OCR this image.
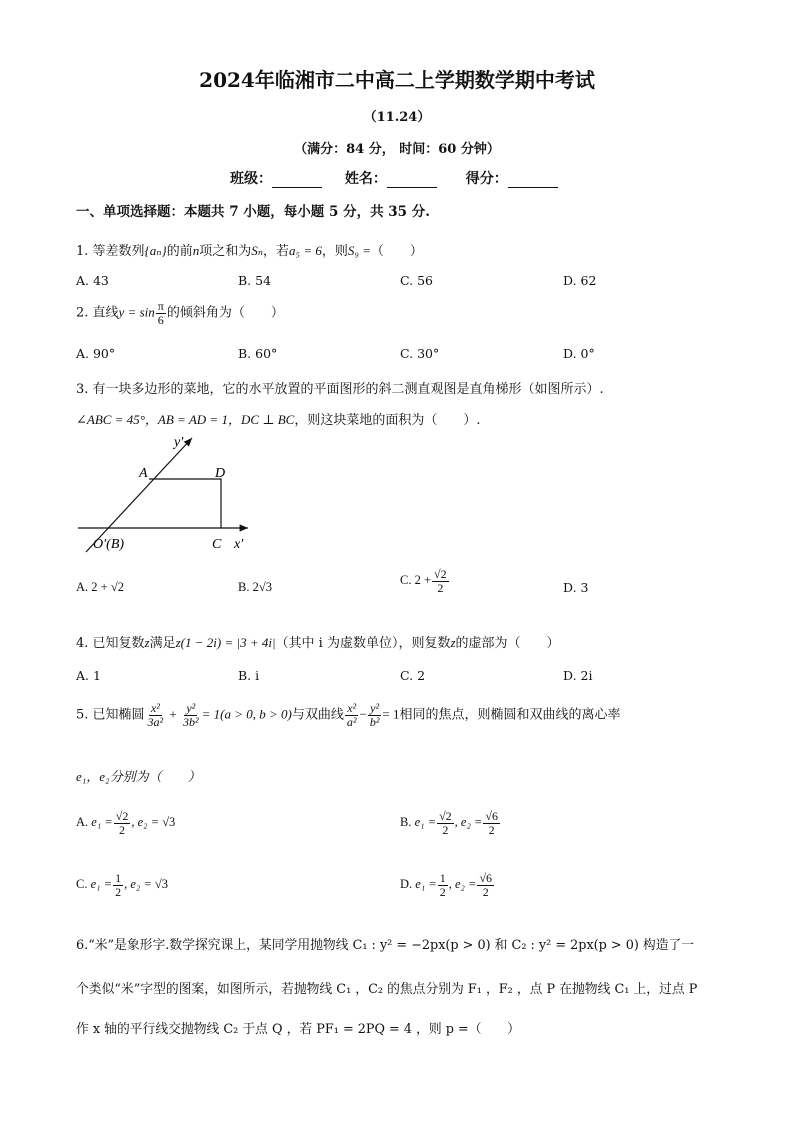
2024年临湘市二中高二上学期数学期中考试
（11.24）
（满分：84 分， 时间：60 分钟）
班级：	姓名：	得分：
一、单项选择题：本题共 7 小题，每小题 5 分，共 35 分.
1. 等差数列{aₙ}的前n项之和为Sₙ，若a₅ = 6，则S₉ =（　　）
A. 43	B. 54	C. 56	D. 62
2. 直线$y = \sin \frac{\pi}{6}$ 的倾斜角为（　　）
A. 90°	B. 60°	C. 30°	D. 0°
3. 有一块多边形的菜地，它的水平放置的平面图形的斜二测直观图是直角梯形（如图所示）.
∠ABC = 45°，AB = AD = 1，DC ⊥ BC，则这块菜地的面积为（　　）.
y′
A	D
O′(B)	C x′
A. 2 + √2	B. 2√3
C. $2 + \frac{√2}{2}$	D. 3
4. 已知复数z满足z(1 − 2i) = |3 + 4i|（其中 i 为虚数单位），则复数z的虚部为（　　）
A. 1	B. i	C. 2	D. 2i
5. 已知椭圆 $\frac{\text{x²}}{\text{3a²}} + \frac{\text{y²}}{\text{3b²}} = 1(a > 0$, b > 0)与双曲线 $\frac{\text{x²}}{\text{a²}} - \frac{\text{y²}}{\text{b²}} = 1$相同的焦点，则椭圆和双曲线的离心率
e₁，e₂分别为（　　）
A. $e_1 = \frac{√2}{2}$ , e₂ = √3	B. $e_1 = \frac{√2}{2}$ , $e_2 = \frac{√6}{2}$
C. $e_1 = \frac{1}{2}$ , e₂ = √3	D. $e_1 = \frac{1}{2}$ , $e_2 = \frac{√6}{2}$
6.“米”是象形字.数学探究课上，某同学用抛物线 C₁ : y² = −2px(p > 0) 和 C₂ : y² = 2px(p > 0) 构造了一
个类似“米”字型的图案，如图所示，若抛物线 C₁ ，C₂ 的焦点分别为 F₁ ，F₂ ，点 P 在抛物线 C₁ 上，过点 P
作 x 轴的平行线交抛物线 C₂ 于点 Q ，若 PF₁ = 2PQ = 4 ，则 p =（　　）
